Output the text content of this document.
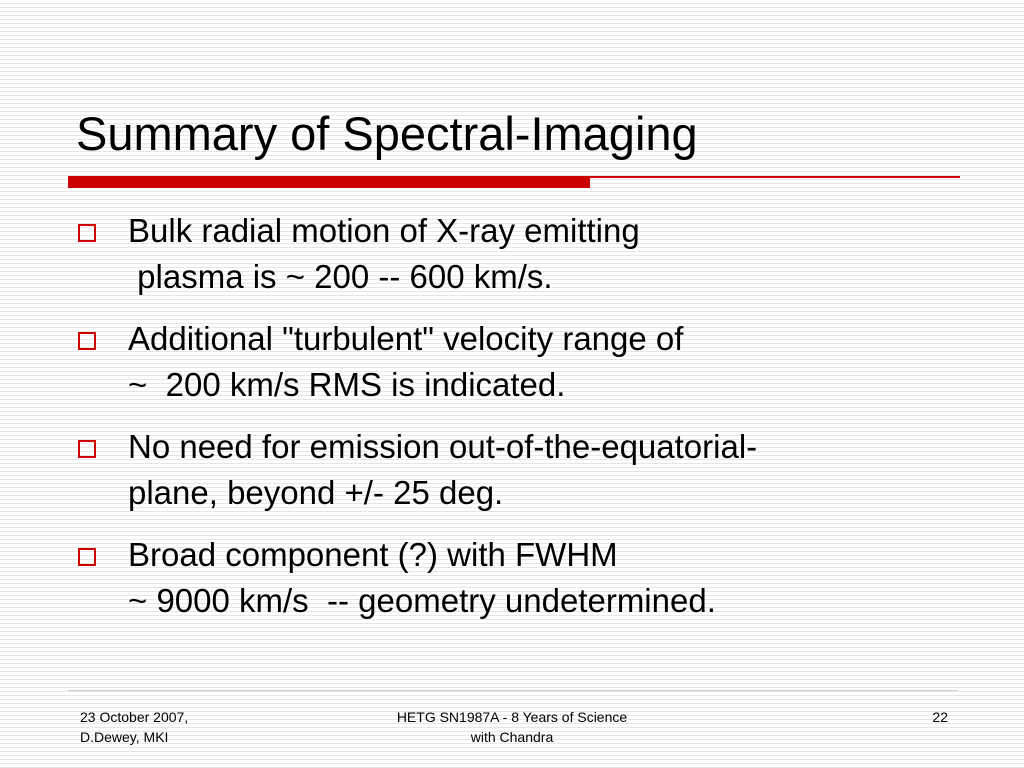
Summary of Spectral-Imaging
Bulk radial motion of X-ray emitting
plasma is ~ 200 -- 600 km/s.
Additional "turbulent" velocity range of
~  200 km/s RMS is indicated.
No need for emission out-of-the-equatorial-
plane, beyond +/- 25 deg.
Broad component (?) with FWHM
~ 9000 km/s  -- geometry undetermined.
23 October 2007,
D.Dewey, MKI
HETG SN1987A - 8 Years of Science
with Chandra
22
